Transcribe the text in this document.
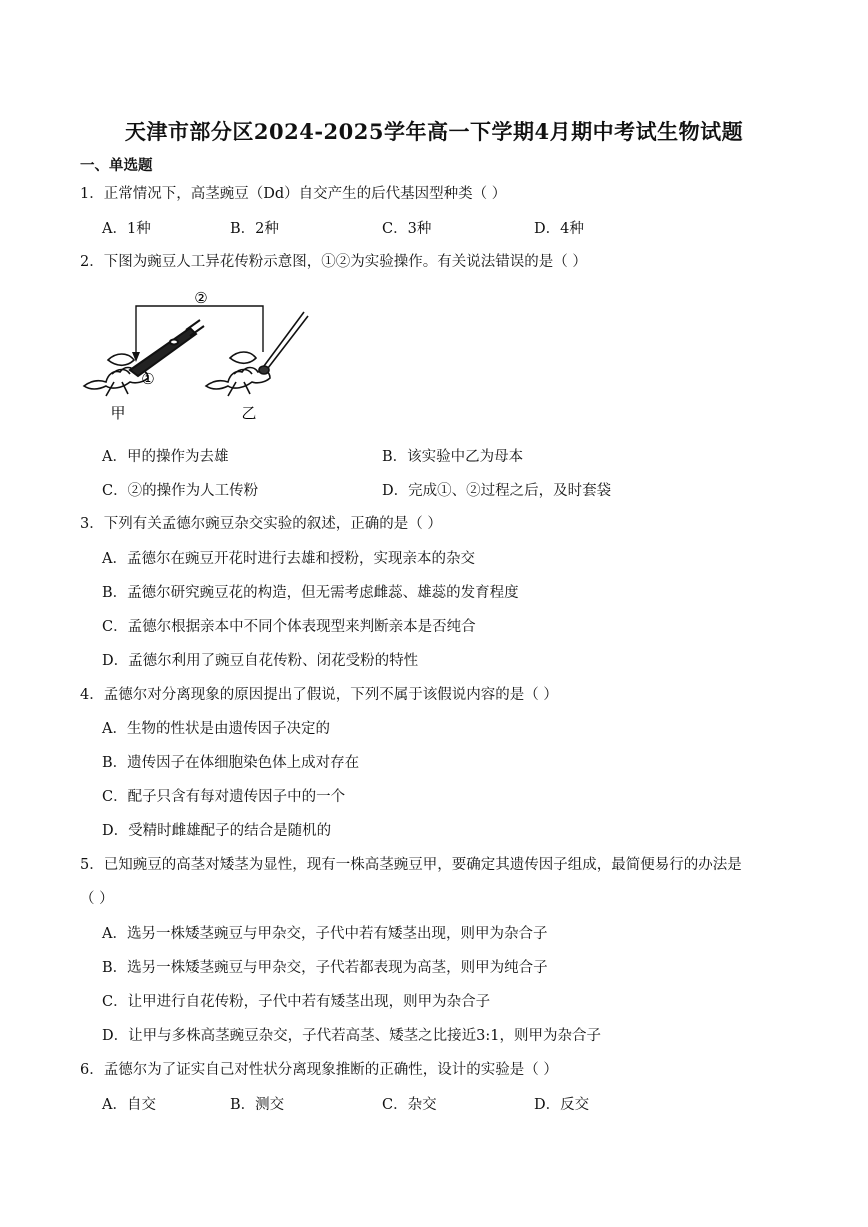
天津市部分区2024-2025学年高一下学期4月期中考试生物试题
一、单选题
1．正常情况下，高茎豌豆（Dd）自交产生的后代基因型种类（ ）
A．1种	B．2种	C．3种	D．4种
2．下图为豌豆人工异花传粉示意图，①②为实验操作。有关说法错误的是（ ）
②
①
甲	乙
A．甲的操作为去雄	B．该实验中乙为母本
C．②的操作为人工传粉	D．完成①、②过程之后，及时套袋
3．下列有关孟德尔豌豆杂交实验的叙述，正确的是（ ）
A．孟德尔在豌豆开花时进行去雄和授粉，实现亲本的杂交
B．孟德尔研究豌豆花的构造，但无需考虑雌蕊、雄蕊的发育程度
C．孟德尔根据亲本中不同个体表现型来判断亲本是否纯合
D．孟德尔利用了豌豆自花传粉、闭花受粉的特性
4．孟德尔对分离现象的原因提出了假说，下列不属于该假说内容的是（ ）
A．生物的性状是由遗传因子决定的
B．遗传因子在体细胞染色体上成对存在
C．配子只含有每对遗传因子中的一个
D．受精时雌雄配子的结合是随机的
5．已知豌豆的高茎对矮茎为显性，现有一株高茎豌豆甲，要确定其遗传因子组成，最简便易行的办法是
（ ）
A．选另一株矮茎豌豆与甲杂交，子代中若有矮茎出现，则甲为杂合子
B．选另一株矮茎豌豆与甲杂交，子代若都表现为高茎，则甲为纯合子
C．让甲进行自花传粉，子代中若有矮茎出现，则甲为杂合子
D．让甲与多株高茎豌豆杂交，子代若高茎、矮茎之比接近3:1，则甲为杂合子
6．孟德尔为了证实自己对性状分离现象推断的正确性，设计的实验是（ ）
A．自交	B．测交	C．杂交	D．反交
